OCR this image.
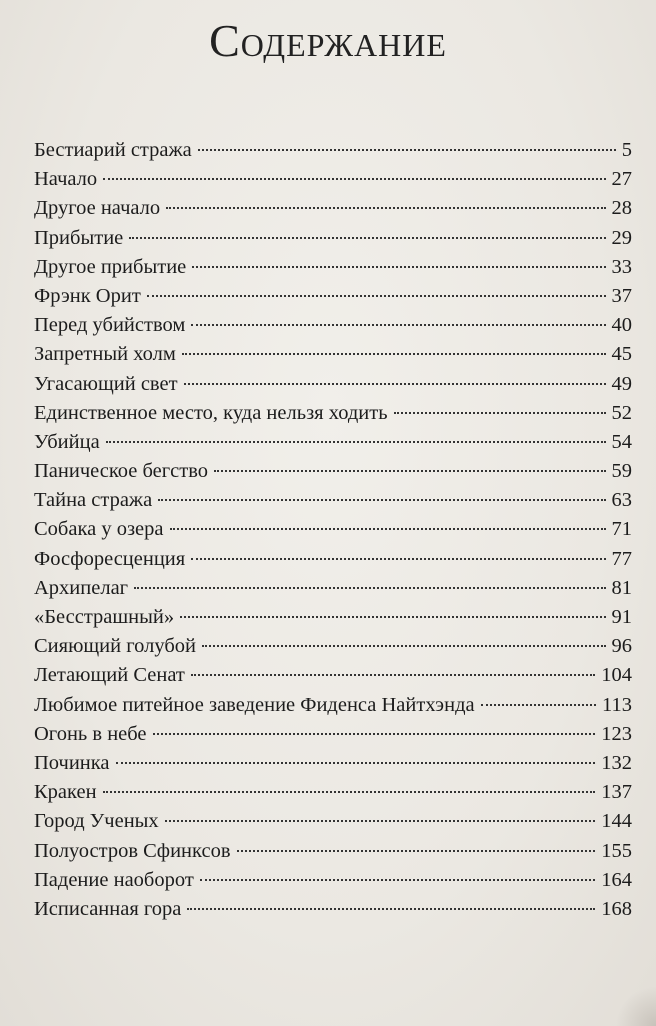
Содержание
Бестиарий стража	5
Начало	27
Другое начало	28
Прибытие	29
Другое прибытие	33
Фрэнк Орит	37
Перед убийством	40
Запретный холм	45
Угасающий свет	49
Единственное место, куда нельзя ходить	52
Убийца	54
Паническое бегство	59
Тайна стража	63
Собака у озера	71
Фосфоресценция	77
Архипелаг	81
«Бесстрашный»	91
Сияющий голубой	96
Летающий Сенат	104
Любимое питейное заведение Фиденса Найтхэнда	113
Огонь в небе	123
Починка	132
Кракен	137
Город Ученых	144
Полуостров Сфинксов	155
Падение наоборот	164
Исписанная гора	168
